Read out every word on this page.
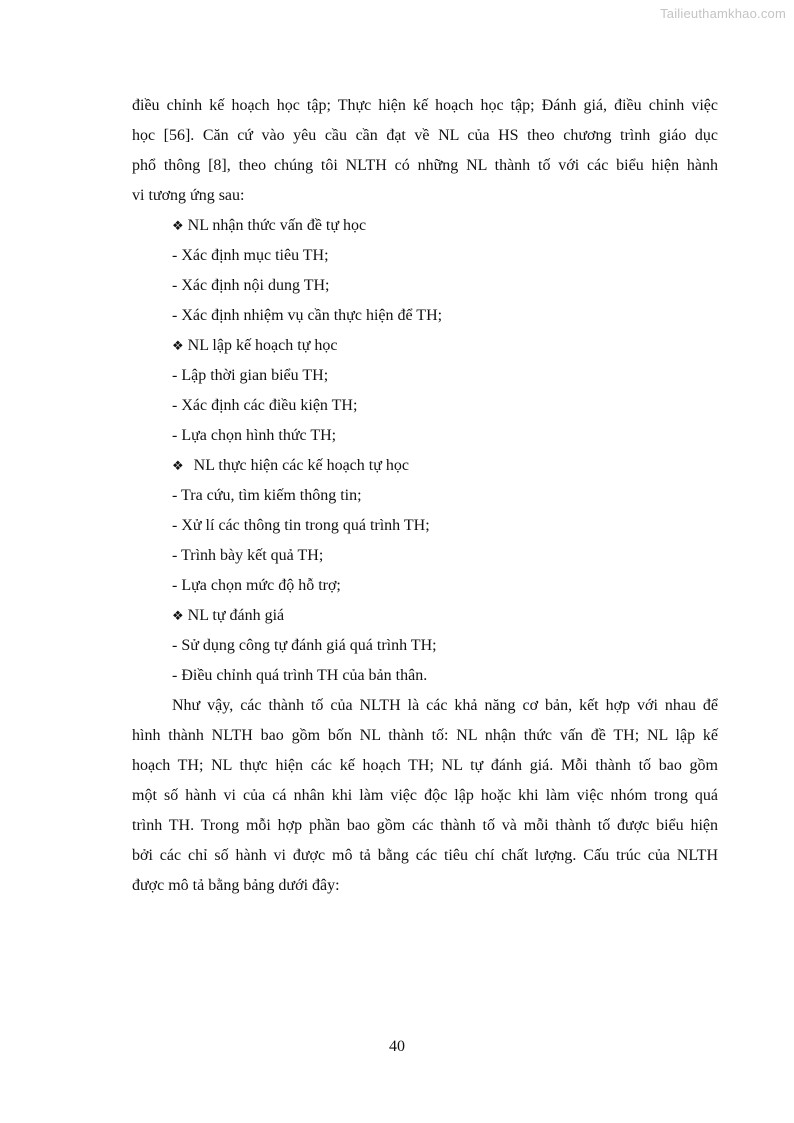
Tailieuthamkhao.com
điều chỉnh kế hoạch học tập; Thực hiện kế hoạch học tập; Đánh giá, điều chỉnh việc
học [56]. Căn cứ vào yêu cầu cần đạt về NL của HS theo chương trình giáo dục
phổ thông [8], theo chúng tôi NLTH có những NL thành tố với các biểu hiện hành
vi tương ứng sau:
❖ NL nhận thức vấn đề tự học
- Xác định mục tiêu TH;
- Xác định nội dung TH;
- Xác định nhiệm vụ cần thực hiện để TH;
❖ NL lập kế hoạch tự học
- Lập thời gian biểu TH;
- Xác định các điều kiện TH;
- Lựa chọn hình thức TH;
❖ NL thực hiện các kế hoạch tự học
- Tra cứu, tìm kiếm thông tin;
- Xử lí các thông tin trong quá trình TH;
- Trình bày kết quả TH;
- Lựa chọn mức độ hỗ trợ;
❖ NL tự đánh giá
- Sử dụng công tự đánh giá quá trình TH;
- Điều chỉnh quá trình TH của bản thân.
Như vậy, các thành tố của NLTH là các khả năng cơ bản, kết hợp với nhau để
hình thành NLTH bao gồm bốn NL thành tố: NL nhận thức vấn đề TH; NL lập kế
hoạch TH; NL thực hiện các kế hoạch TH; NL tự đánh giá. Mỗi thành tố bao gồm
một số hành vi của cá nhân khi làm việc độc lập hoặc khi làm việc nhóm trong quá
trình TH. Trong mỗi hợp phần bao gồm các thành tố và mỗi thành tố được biểu hiện
bởi các chỉ số hành vi được mô tả bằng các tiêu chí chất lượng. Cấu trúc của NLTH
được mô tả bằng bảng dưới đây:
40
